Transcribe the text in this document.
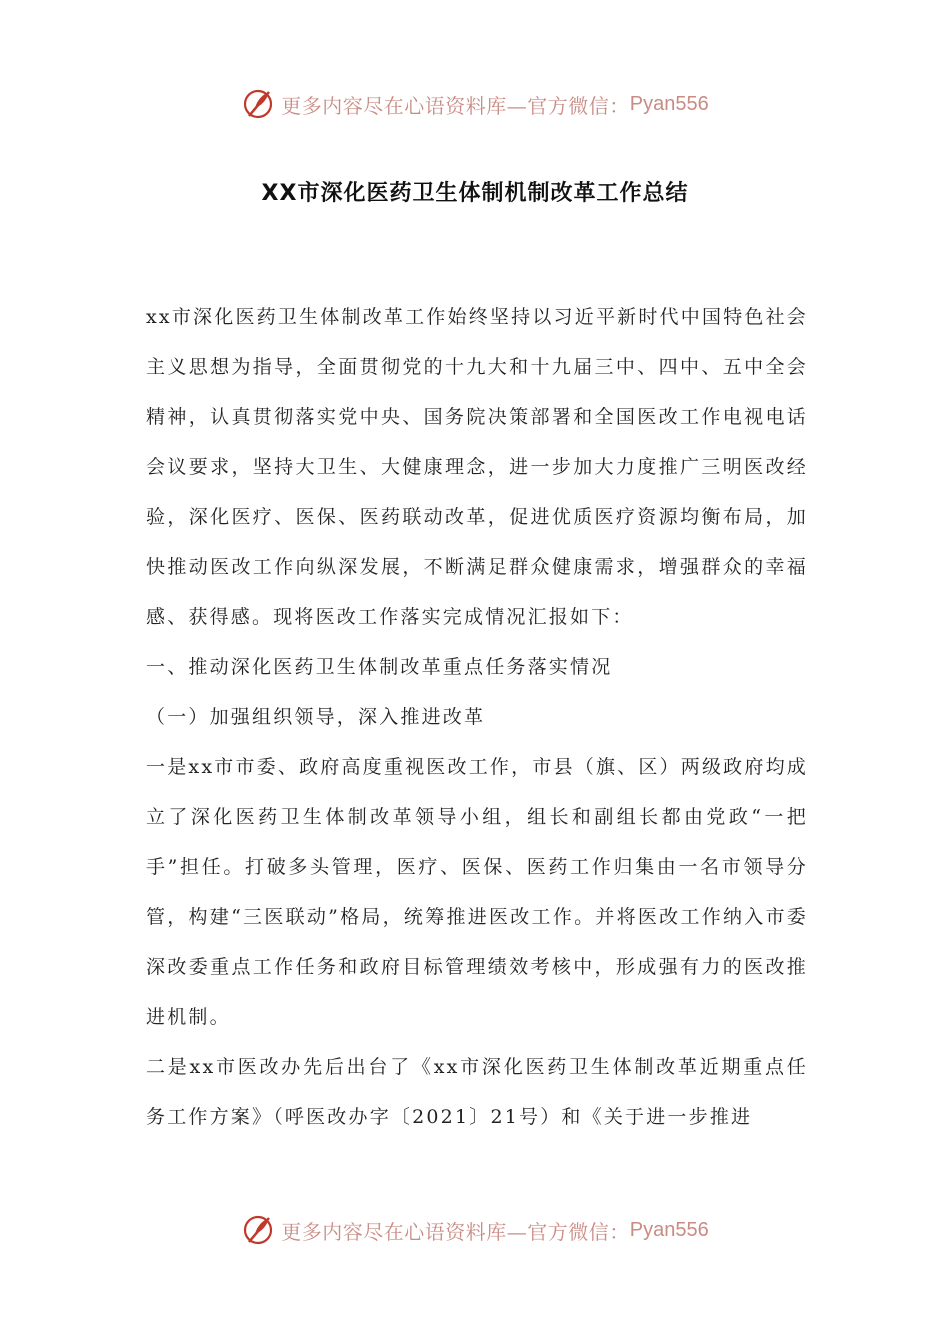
更多内容尽在心语资料库—官方微信： Pyan556
XX市深化医药卫生体制机制改革工作总结

xx市深化医药卫生体制改革工作始终坚持以习近平新时代中国特色社会主义思想为指导，全面贯彻党的十九大和十九届三中、四中、五中全会精神，认真贯彻落实党中央、国务院决策部署和全国医改工作电视电话会议要求，坚持大卫生、大健康理念，进一步加大力度推广三明医改经验，深化医疗、医保、医药联动改革，促进优质医疗资源均衡布局，加快推动医改工作向纵深发展，不断满足群众健康需求，增强群众的幸福感、获得感。现将医改工作落实完成情况汇报如下：

一、推动深化医药卫生体制改革重点任务落实情况

（一）加强组织领导，深入推进改革

一是xx市市委、政府高度重视医改工作，市县（旗、区）两级政府均成立了深化医药卫生体制改革领导小组，组长和副组长都由党政“一把手”担任。打破多头管理，医疗、医保、医药工作归集由一名市领导分管，构建“三医联动”格局，统筹推进医改工作。并将医改工作纳入市委深改委重点工作任务和政府目标管理绩效考核中，形成强有力的医改推进机制。

二是xx市医改办先后出台了《xx市深化医药卫生体制改革近期重点任务工作方案》（呼医改办字〔2021〕21号）和《关于进一步推进

更多内容尽在心语资料库—官方微信： Pyan556
